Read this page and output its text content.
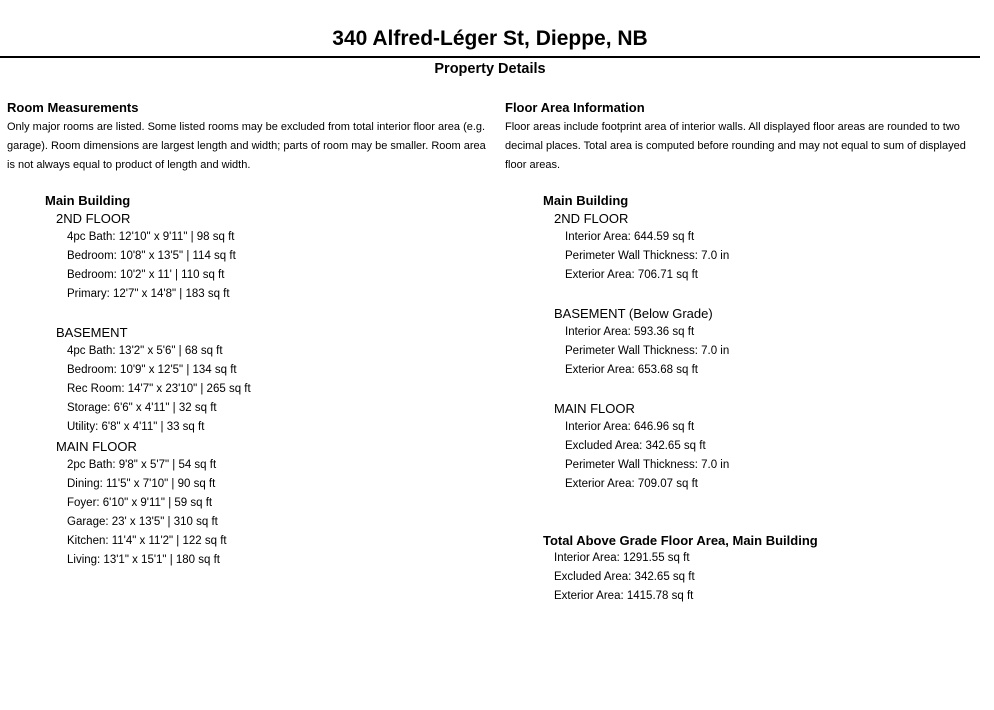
340 Alfred-Léger St, Dieppe, NB
Property Details
Room Measurements
Only major rooms are listed. Some listed rooms may be excluded from total interior floor area (e.g. garage). Room dimensions are largest length and width; parts of room may be smaller. Room area is not always equal to product of length and width.
Main Building
2ND FLOOR
4pc Bath: 12'10" x 9'11" | 98 sq ft
Bedroom: 10'8" x 13'5" | 114 sq ft
Bedroom: 10'2" x 11' | 110 sq ft
Primary: 12'7" x 14'8" | 183 sq ft
BASEMENT
4pc Bath: 13'2" x 5'6" | 68 sq ft
Bedroom: 10'9" x 12'5" | 134 sq ft
Rec Room: 14'7" x 23'10" | 265 sq ft
Storage: 6'6" x 4'11" | 32 sq ft
Utility: 6'8" x 4'11" | 33 sq ft
MAIN FLOOR
2pc Bath: 9'8" x 5'7" | 54 sq ft
Dining: 11'5" x 7'10" | 90 sq ft
Foyer: 6'10" x 9'11" | 59 sq ft
Garage: 23' x 13'5" | 310 sq ft
Kitchen: 11'4" x 11'2" | 122 sq ft
Living: 13'1" x 15'1" | 180 sq ft
Floor Area Information
Floor areas include footprint area of interior walls. All displayed floor areas are rounded to two decimal places. Total area is computed before rounding and may not equal to sum of displayed floor areas.
Main Building
2ND FLOOR
Interior Area: 644.59 sq ft
Perimeter Wall Thickness: 7.0 in
Exterior Area: 706.71 sq ft
BASEMENT (Below Grade)
Interior Area: 593.36 sq ft
Perimeter Wall Thickness: 7.0 in
Exterior Area: 653.68 sq ft
MAIN FLOOR
Interior Area: 646.96 sq ft
Excluded Area: 342.65 sq ft
Perimeter Wall Thickness: 7.0 in
Exterior Area: 709.07 sq ft
Total Above Grade Floor Area, Main Building
Interior Area: 1291.55 sq ft
Excluded Area: 342.65 sq ft
Exterior Area: 1415.78 sq ft
